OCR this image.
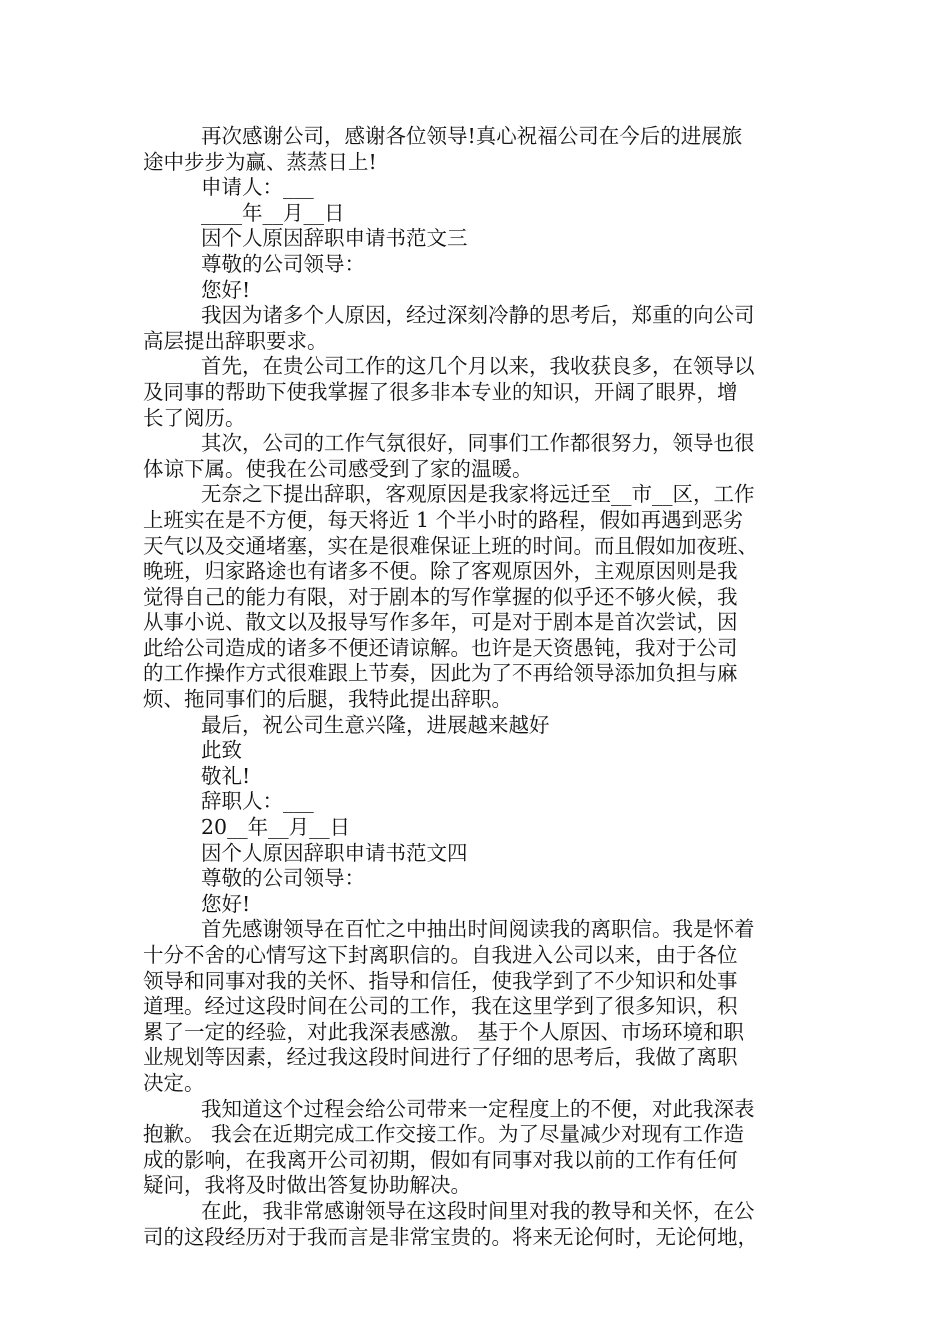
再次感谢公司，感谢各位领导!真心祝福公司在今后的进展旅
途中步步为赢、蒸蒸日上!
申请人：___
____年__月__日
因个人原因辞职申请书范文三
尊敬的公司领导：
您好!
我因为诸多个人原因，经过深刻冷静的思考后，郑重的向公司
高层提出辞职要求。
首先，在贵公司工作的这几个月以来，我收获良多，在领导以
及同事的帮助下使我掌握了很多非本专业的知识，开阔了眼界，增
长了阅历。
其次，公司的工作气氛很好，同事们工作都很努力，领导也很
体谅下属。使我在公司感受到了家的温暖。
无奈之下提出辞职，客观原因是我家将远迁至__市__区，工作
上班实在是不方便，每天将近 1 个半小时的路程，假如再遇到恶劣
天气以及交通堵塞，实在是很难保证上班的时间。而且假如加夜班、
晚班，归家路途也有诸多不便。除了客观原因外，主观原因则是我
觉得自己的能力有限，对于剧本的写作掌握的似乎还不够火候，我
从事小说、散文以及报导写作多年，可是对于剧本是首次尝试，因
此给公司造成的诸多不便还请谅解。也许是天资愚钝，我对于公司
的工作操作方式很难跟上节奏，因此为了不再给领导添加负担与麻
烦、拖同事们的后腿，我特此提出辞职。
最后，祝公司生意兴隆，进展越来越好
此致
敬礼!
辞职人：___
20__年__月__日
因个人原因辞职申请书范文四
尊敬的公司领导：
您好!
首先感谢领导在百忙之中抽出时间阅读我的离职信。我是怀着
十分不舍的心情写这下封离职信的。自我进入公司以来，由于各位
领导和同事对我的关怀、指导和信任，使我学到了不少知识和处事
道理。经过这段时间在公司的工作，我在这里学到了很多知识，积
累了一定的经验，对此我深表感激。 基于个人原因、市场环境和职
业规划等因素，经过我这段时间进行了仔细的思考后，我做了离职
决定。
我知道这个过程会给公司带来一定程度上的不便，对此我深表
抱歉。 我会在近期完成工作交接工作。为了尽量减少对现有工作造
成的影响，在我离开公司初期，假如有同事对我以前的工作有任何
疑问，我将及时做出答复协助解决。
在此，我非常感谢领导在这段时间里对我的教导和关怀，在公
司的这段经历对于我而言是非常宝贵的。将来无论何时，无论何地，
